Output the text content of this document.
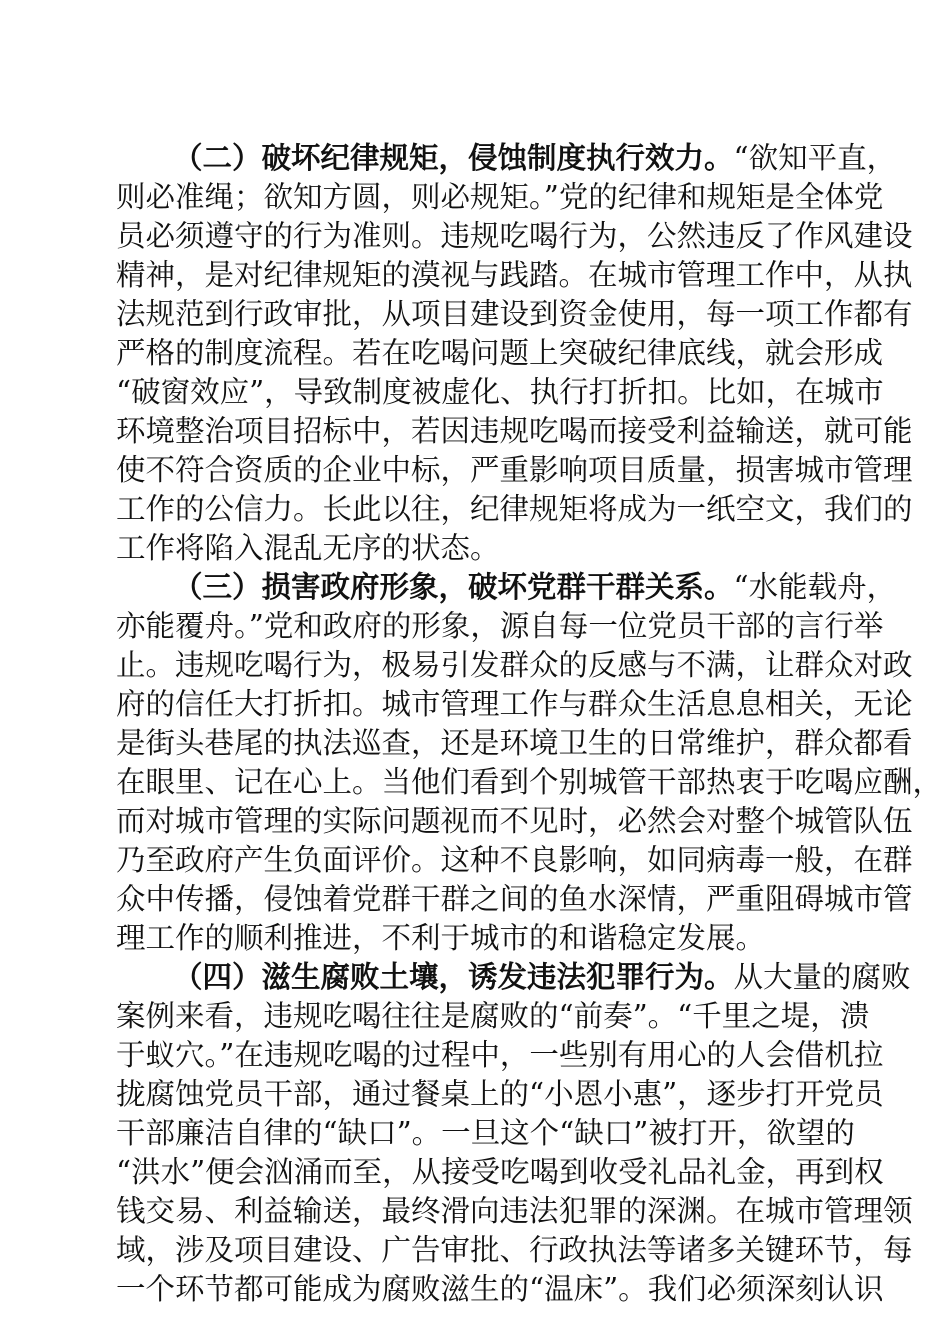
（二）破坏纪律规矩，侵蚀制度执行效力。“欲知平直，
则必准绳；欲知方圆，则必规矩。”党的纪律和规矩是全体党
员必须遵守的行为准则。违规吃喝行为，公然违反了作风建设
精神，是对纪律规矩的漠视与践踏。在城市管理工作中，从执
法规范到行政审批，从项目建设到资金使用，每一项工作都有
严格的制度流程。若在吃喝问题上突破纪律底线，就会形成
“破窗效应”，导致制度被虚化、执行打折扣。比如，在城市
环境整治项目招标中，若因违规吃喝而接受利益输送，就可能
使不符合资质的企业中标，严重影响项目质量，损害城市管理
工作的公信力。长此以往，纪律规矩将成为一纸空文，我们的
工作将陷入混乱无序的状态。
（三）损害政府形象，破坏党群干群关系。“水能载舟，
亦能覆舟。”党和政府的形象，源自每一位党员干部的言行举
止。违规吃喝行为，极易引发群众的反感与不满，让群众对政
府的信任大打折扣。城市管理工作与群众生活息息相关，无论
是街头巷尾的执法巡查，还是环境卫生的日常维护，群众都看
在眼里、记在心上。当他们看到个别城管干部热衷于吃喝应酬，
而对城市管理的实际问题视而不见时，必然会对整个城管队伍
乃至政府产生负面评价。这种不良影响，如同病毒一般，在群
众中传播，侵蚀着党群干群之间的鱼水深情，严重阻碍城市管
理工作的顺利推进，不利于城市的和谐稳定发展。
（四）滋生腐败土壤，诱发违法犯罪行为。从大量的腐败
案例来看，违规吃喝往往是腐败的“前奏”。“千里之堤，溃
于蚁穴。”在违规吃喝的过程中，一些别有用心的人会借机拉
拢腐蚀党员干部，通过餐桌上的“小恩小惠”，逐步打开党员
干部廉洁自律的“缺口”。一旦这个“缺口”被打开，欲望的
“洪水”便会汹涌而至，从接受吃喝到收受礼品礼金，再到权
钱交易、利益输送，最终滑向违法犯罪的深渊。在城市管理领
域，涉及项目建设、广告审批、行政执法等诸多关键环节，每
一个环节都可能成为腐败滋生的“温床”。我们必须深刻认识
